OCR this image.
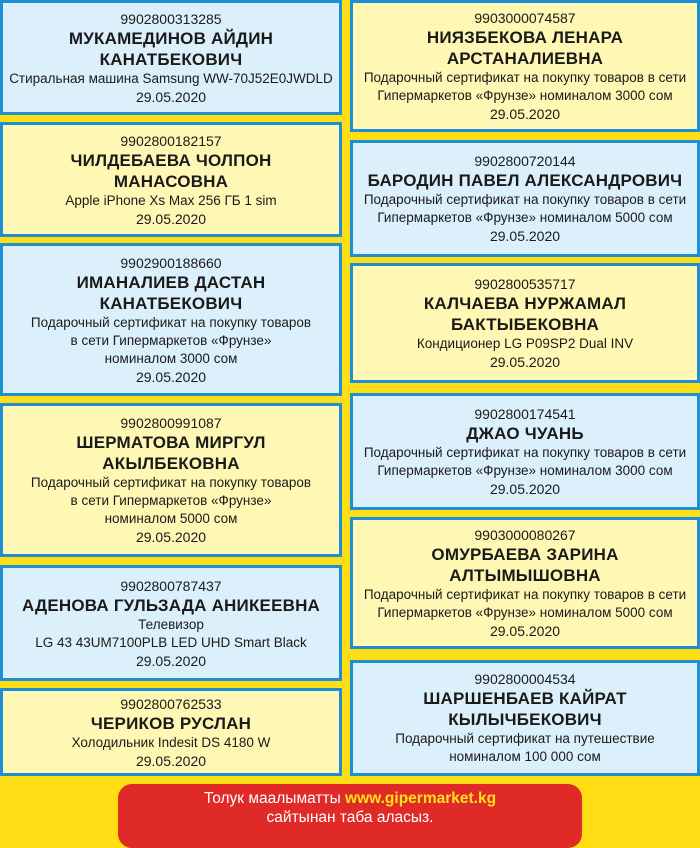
9902800313285
МУКАМЕДИНОВ АЙДИН
КАНАТБЕКОВИЧ
Стиральная машина Samsung WW-70J52E0JWDLD
29.05.2020
9903000074587
НИЯЗБЕКОВА ЛЕНАРА
АРСТАНАЛИЕВНА
Подарочный сертификат на покупку товаров в сети
Гипермаркетов «Фрунзе» номиналом 3000 сом
29.05.2020
9902800182157
ЧИЛДЕБАЕВА ЧОЛПОН
МАНАСОВНА
Apple iPhone Xs Max 256 ГБ 1 sim
29.05.2020
9902800720144
БАРОДИН ПАВЕЛ АЛЕКСАНДРОВИЧ
Подарочный сертификат на покупку товаров в сети
Гипермаркетов «Фрунзе» номиналом 5000 сом
29.05.2020
9902900188660
ИМАНАЛИЕВ ДАСТАН
КАНАТБЕКОВИЧ
Подарочный сертификат на покупку товаров
в сети Гипермаркетов «Фрунзе»
номиналом 3000 сом
29.05.2020
9902800535717
КАЛЧАЕВА НУРЖАМАЛ
БАКТЫБЕКОВНА
Кондиционер LG P09SP2 Dual INV
29.05.2020
9902800991087
ШЕРМАТОВА МИРГУЛ
АКЫЛБЕКОВНА
Подарочный сертификат на покупку товаров
в сети Гипермаркетов «Фрунзе»
номиналом 5000 сом
29.05.2020
9902800174541
ДЖАО ЧУАНЬ
Подарочный сертификат на покупку товаров в сети
Гипермаркетов «Фрунзе» номиналом 3000 сом
29.05.2020
9902800787437
АДЕНОВА ГУЛЬЗАДА АНИКЕЕВНА
Телевизор
LG 43 43UM7100PLB LED UHD Smart Black
29.05.2020
9903000080267
ОМУРБАЕВА ЗАРИНА
АЛТЫМЫШОВНА
Подарочный сертификат на покупку товаров в сети
Гипермаркетов «Фрунзе» номиналом 5000 сом
29.05.2020
9902800762533
ЧЕРИКОВ РУСЛАН
Холодильник Indesit DS 4180 W
29.05.2020
9902800004534
ШАРШЕНБАЕВ КАЙРАТ
КЫЛЫЧБЕКОВИЧ
Подарочный сертификат на путешествие
номиналом 100 000 сом
Толук маалыматты www.gipermarket.kg
сайтынан таба аласыз.
